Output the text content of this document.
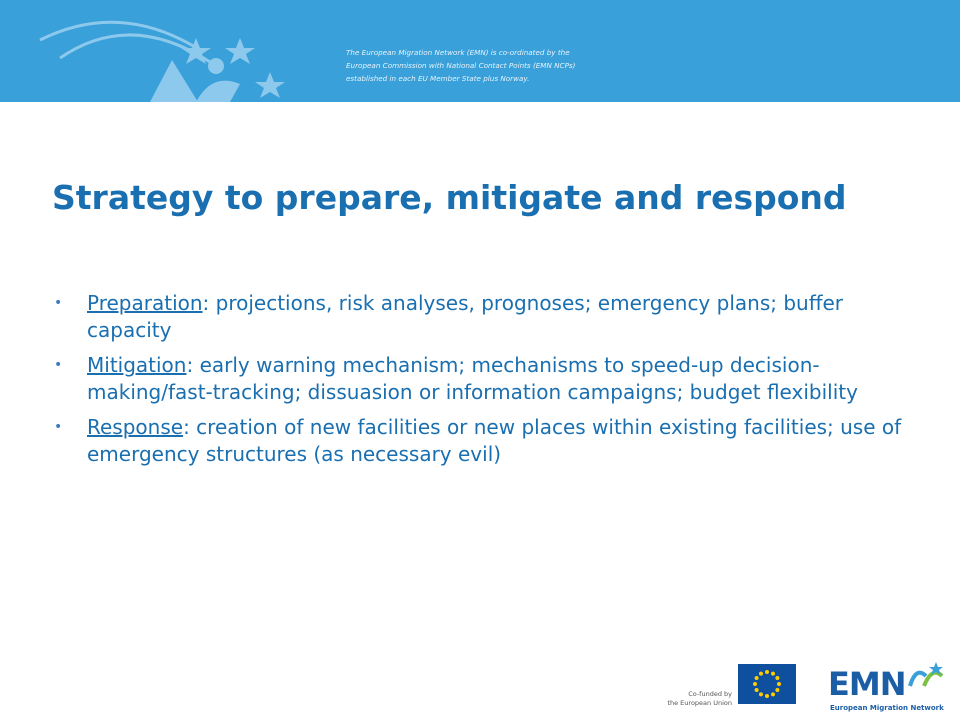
The European Migration Network (EMN) is co-ordinated by the
European Commission with National Contact Points (EMN NCPs)
established in each EU Member State plus Norway.

Strategy to prepare, mitigate and respond
• Preparation: projections, risk analyses, prognoses; emergency plans; buffer capacity
• Mitigation: early warning mechanism; mechanisms to speed-up decision-making/fast-tracking; dissuasion or information campaigns; budget flexibility
• Response: creation of new facilities or new places within existing facilities; use of emergency structures (as necessary evil)
Co-funded by
the European Union	EMN
European Migration Network
